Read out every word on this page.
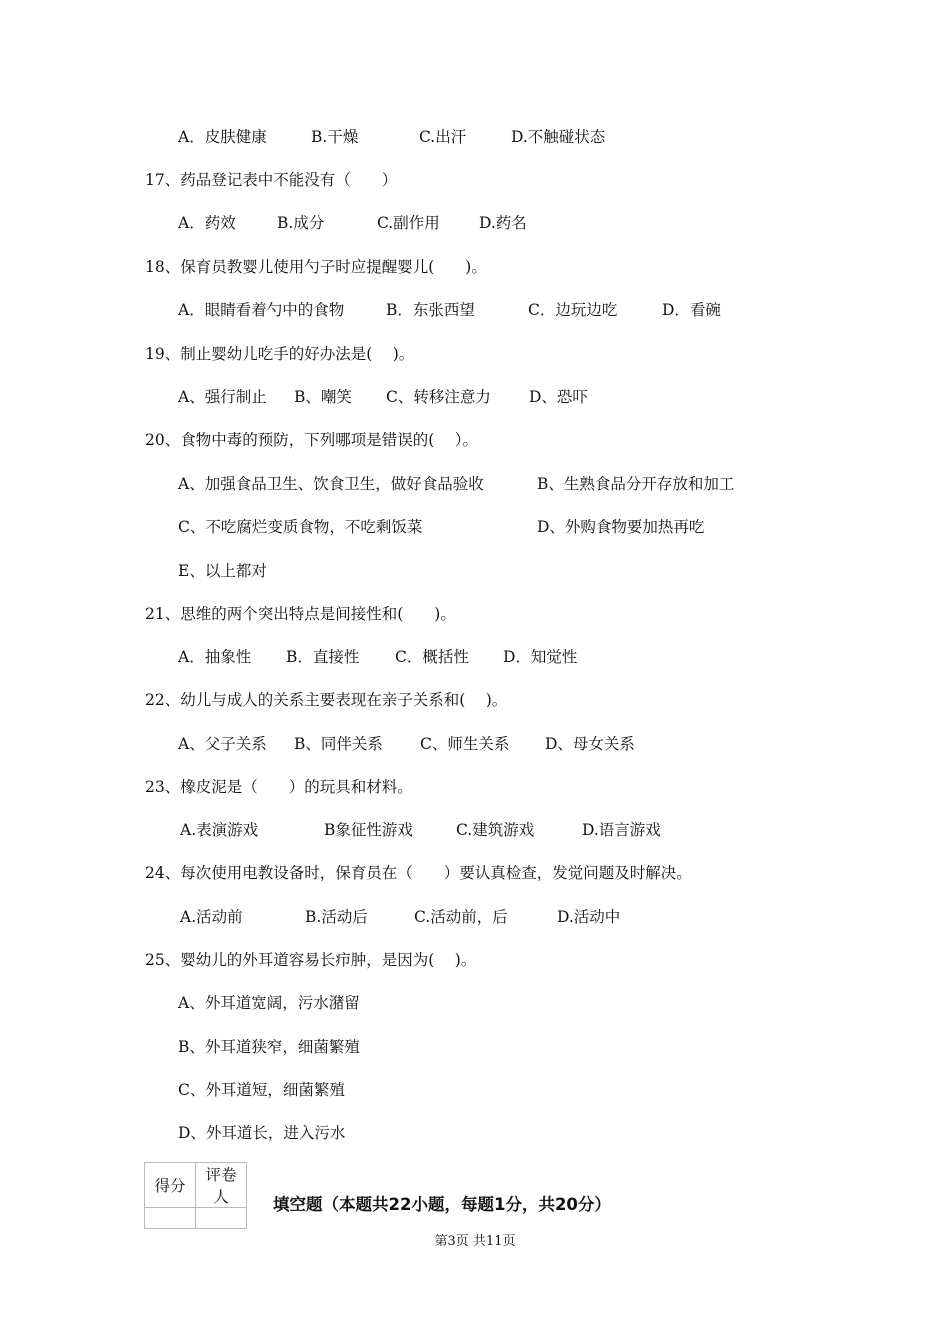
A．皮肤健康	B.干燥	C.出汗	D.不触碰状态
17、药品登记表中不能没有（　　）
A．药效	B.成分	C.副作用	D.药名
18、保育员教婴儿使用勺子时应提醒婴儿(　　)。
A．眼睛看着勺中的食物	B．东张西望	C．边玩边吃	D．看碗
19、制止婴幼儿吃手的好办法是(　 )。
A、强行制止 B、嘲笑 C、转移注意力 D、恐吓
20、食物中毒的预防，下列哪项是错误的(　 ）。
A、加强食品卫生、饮食卫生，做好食品验收	B、生熟食品分开存放和加工
C、不吃腐烂变质食物，不吃剩饭菜	D、外购食物要加热再吃
E、以上都对
21、思维的两个突出特点是间接性和(　　)。
A．抽象性 B．直接性 C．概括性 D．知觉性
22、幼儿与成人的关系主要表现在亲子关系和(　 )。
A、父子关系 B、同伴关系 C、师生关系 D、母女关系
23、橡皮泥是（　　）的玩具和材料。
A.表演游戏	B象征性游戏	C.建筑游戏	D.语言游戏
24、每次使用电教设备时，保育员在（　　）要认真检查，发觉问题及时解决。
A.活动前	B.活动后	C.活动前，后	D.活动中
25、婴幼儿的外耳道容易长疖肿，是因为(　 )。
A、外耳道宽阔，污水潴留
B、外耳道狭窄，细菌繁殖
C、外耳道短，细菌繁殖
D、外耳道长，进入污水
得分	评卷人
		填空题（本题共22小题，每题1分，共20分）
第3页 共11页
